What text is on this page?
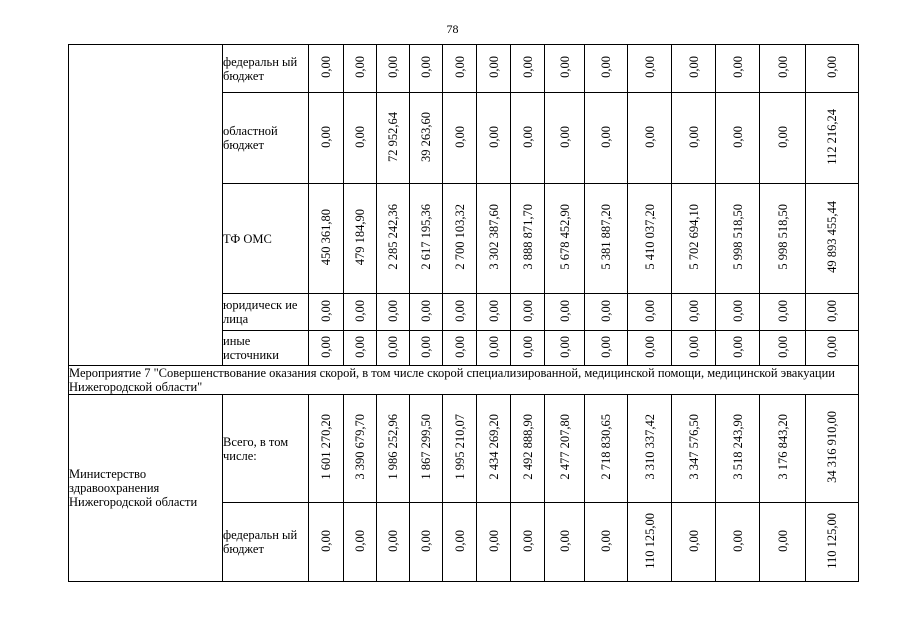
78
	федеральн ый бюджет	0,00	0,00	0,00	0,00	0,00	0,00	0,00	0,00	0,00	0,00	0,00	0,00	0,00	0,00
	областной бюджет	0,00	0,00	72 952,64	39 263,60	0,00	0,00	0,00	0,00	0,00	0,00	0,00	0,00	0,00	112 216,24
	ТФ ОМС	450 361,80	479 184,90	2 285 242,36	2 617 195,36	2 700 103,32	3 302 387,60	3 888 871,70	5 678 452,90	5 381 887,20	5 410 037,20	5 702 694,10	5 998 518,50	5 998 518,50	49 893 455,44
	юридическ ие лица	0,00	0,00	0,00	0,00	0,00	0,00	0,00	0,00	0,00	0,00	0,00	0,00	0,00	0,00
	иные источники	0,00	0,00	0,00	0,00	0,00	0,00	0,00	0,00	0,00	0,00	0,00	0,00	0,00	0,00
Мероприятие 7 "Совершенствование оказания скорой, в том числе скорой специализированной, медицинской помощи, медицинской эвакуации Нижегородской области"															
Министерство здравоохранения Нижегородской области	Всего, в том числе:	1 601 270,20	3 390 679,70	1 986 252,96	1 867 299,50	1 995 210,07	2 434 269,20	2 492 888,90	2 477 207,80	2 718 830,65	3 310 337,42	3 347 576,50	3 518 243,90	3 176 843,20	34 316 910,00
	федеральн ый бюджет	0,00	0,00	0,00	0,00	0,00	0,00	0,00	0,00	0,00	110 125,00	0,00	0,00	0,00	110 125,00
